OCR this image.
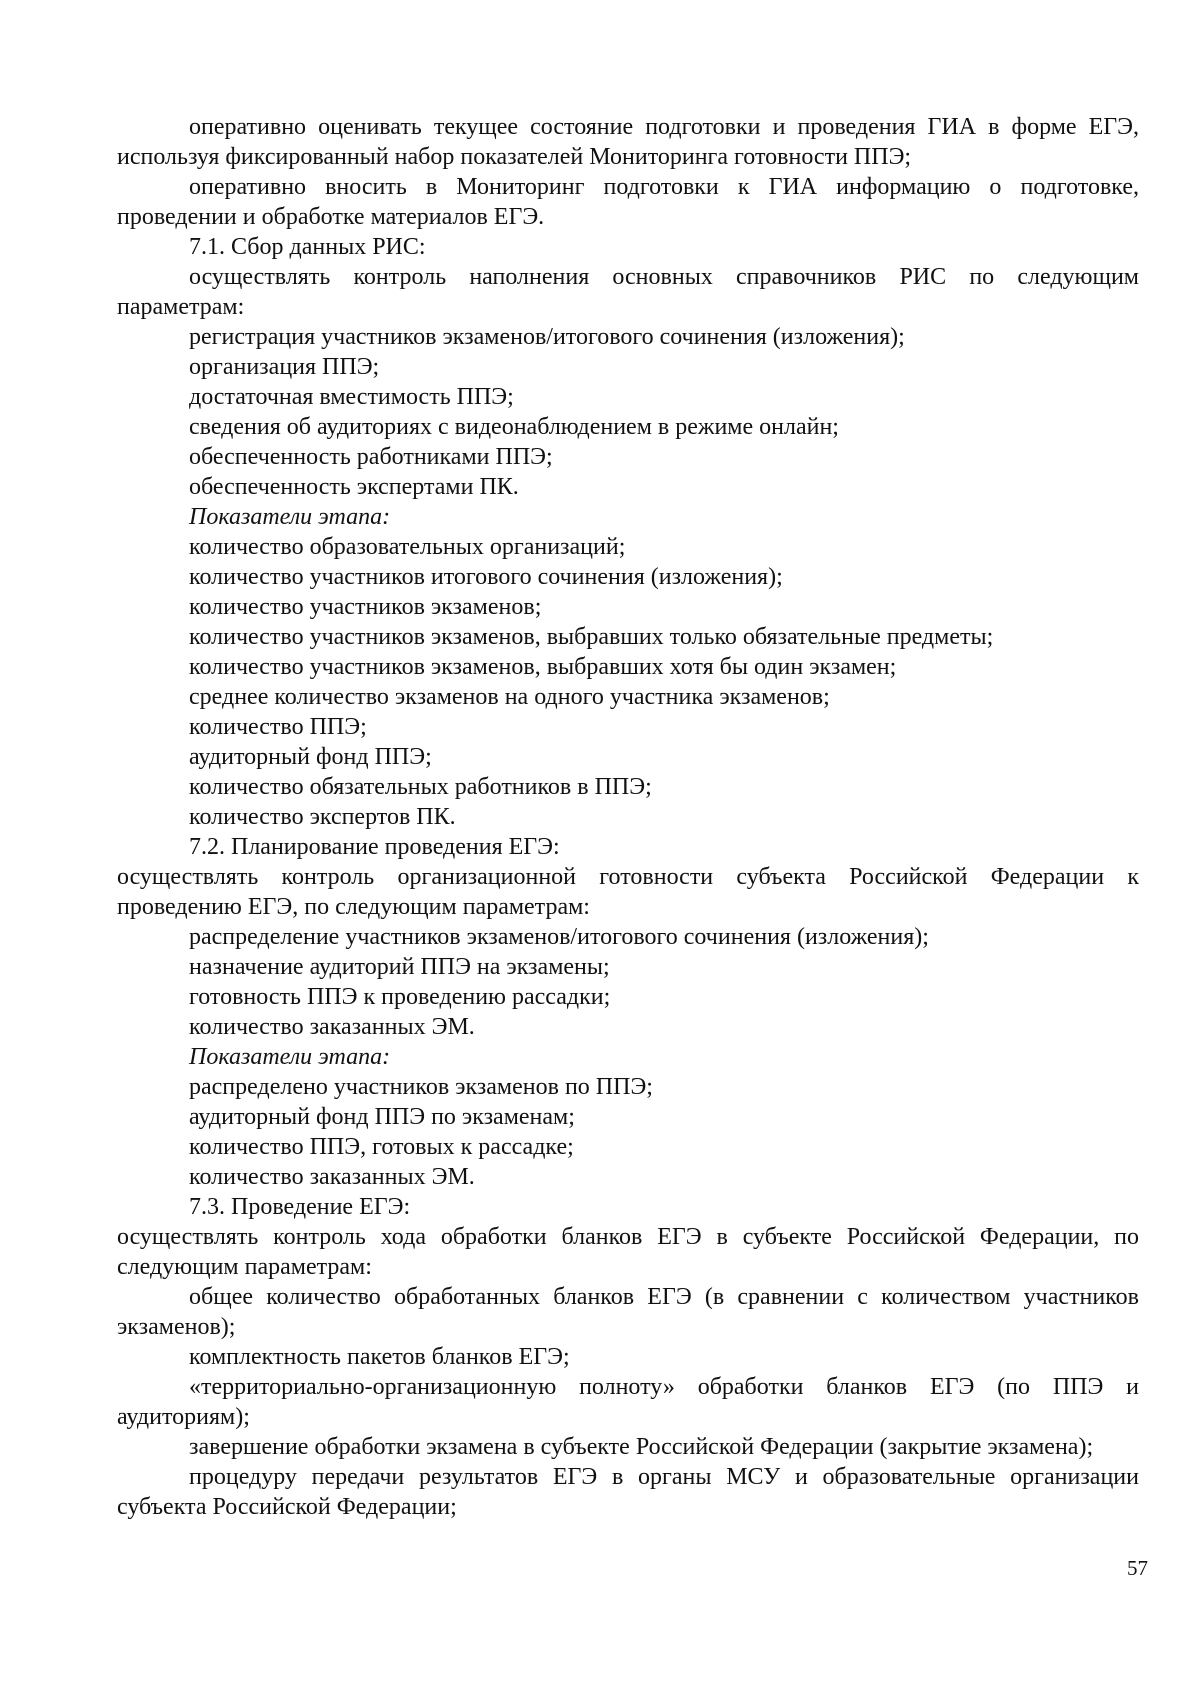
оперативно оценивать текущее состояние подготовки и проведения ГИА в форме ЕГЭ, используя фиксированный набор показателей Мониторинга готовности ППЭ;

оперативно вносить в Мониторинг подготовки к ГИА информацию о подготовке, проведении и обработке материалов ЕГЭ.

7.1. Сбор данных РИС:

осуществлять контроль наполнения основных справочников РИС по следующим параметрам:

регистрация участников экзаменов/итогового сочинения (изложения);

организация ППЭ;

достаточная вместимость ППЭ;

сведения об аудиториях с видеонаблюдением в режиме онлайн;

обеспеченность работниками ППЭ;

обеспеченность экспертами ПК.

Показатели этапа:

количество образовательных организаций;

количество участников итогового сочинения (изложения);

количество участников экзаменов;

количество участников экзаменов, выбравших только обязательные предметы;

количество участников экзаменов, выбравших хотя бы один экзамен;

среднее количество экзаменов на одного участника экзаменов;

количество ППЭ;

аудиторный фонд ППЭ;

количество обязательных работников в ППЭ;

количество экспертов ПК.

7.2. Планирование проведения ЕГЭ:

осуществлять контроль организационной готовности субъекта Российской Федерации к проведению ЕГЭ, по следующим параметрам:

распределение участников экзаменов/итогового сочинения (изложения);

назначение аудиторий ППЭ на экзамены;

готовность ППЭ к проведению рассадки;

количество заказанных ЭМ.

Показатели этапа:

распределено участников экзаменов по ППЭ;

аудиторный фонд ППЭ по экзаменам;

количество ППЭ, готовых к рассадке;

количество заказанных ЭМ.

7.3. Проведение ЕГЭ:

осуществлять контроль хода обработки бланков ЕГЭ в субъекте Российской Федерации, по следующим параметрам:

общее количество обработанных бланков ЕГЭ (в сравнении с количеством участников экзаменов);

комплектность пакетов бланков ЕГЭ;

«территориально-организационную полноту» обработки бланков ЕГЭ (по ППЭ и аудиториям);

завершение обработки экзамена в субъекте Российской Федерации (закрытие экзамена);

процедуру передачи результатов ЕГЭ в органы МСУ и образовательные организации субъекта Российской Федерации;

57
